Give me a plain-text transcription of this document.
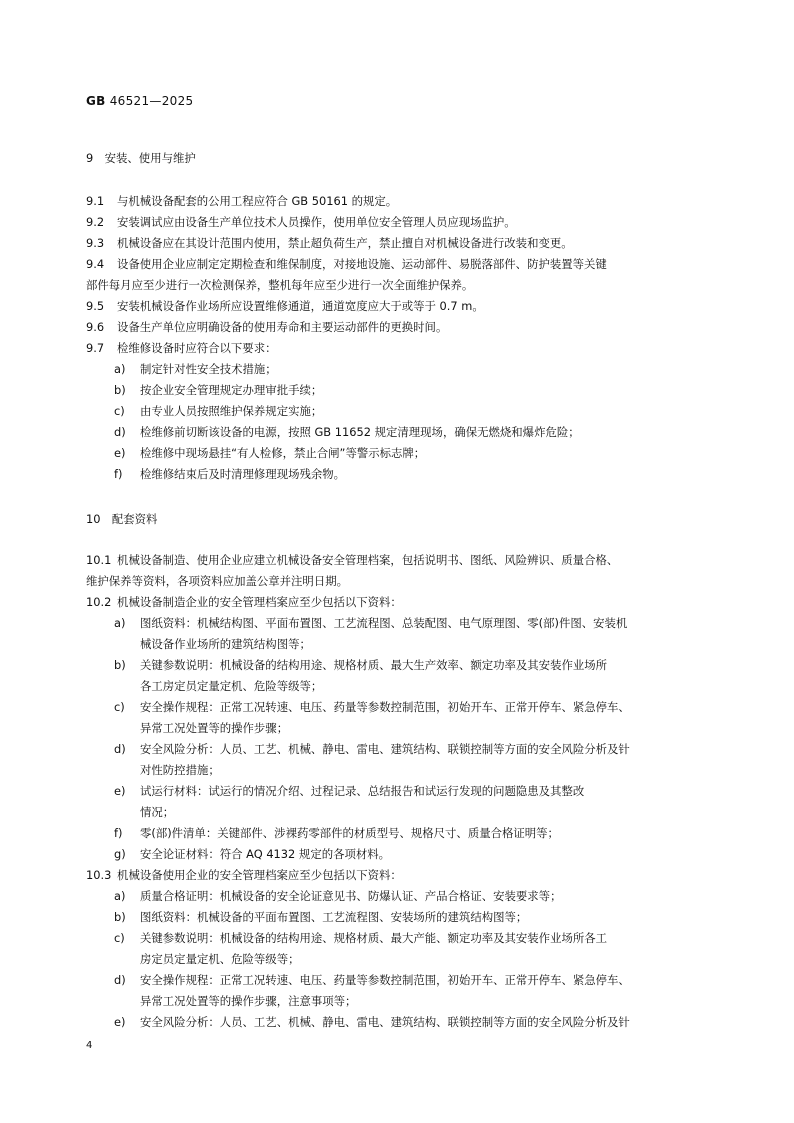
GB 46521—2025
9 安装、使用与维护
9.1 与机械设备配套的公用工程应符合 GB 50161 的规定。
9.2 安装调试应由设备生产单位技术人员操作，使用单位安全管理人员应现场监护。
9.3 机械设备应在其设计范围内使用，禁止超负荷生产，禁止擅自对机械设备进行改装和变更。
9.4 设备使用企业应制定定期检查和维保制度，对接地设施、运动部件、易脱落部件、防护装置等关键
部件每月应至少进行一次检测保养，整机每年应至少进行一次全面维护保养。
9.5 安装机械设备作业场所应设置维修通道，通道宽度应大于或等于 0.7 m。
9.6 设备生产单位应明确设备的使用寿命和主要运动部件的更换时间。
9.7 检维修设备时应符合以下要求：
a) 制定针对性安全技术措施；
b) 按企业安全管理规定办理审批手续；
c) 由专业人员按照维护保养规定实施；
d) 检维修前切断该设备的电源，按照 GB 11652 规定清理现场，确保无燃烧和爆炸危险；
e) 检维修中现场悬挂“有人检修，禁止合闸”等警示标志牌；
f) 检维修结束后及时清理修理现场残余物。
10 配套资料
10.1 机械设备制造、使用企业应建立机械设备安全管理档案，包括说明书、图纸、风险辨识、质量合格、
维护保养等资料，各项资料应加盖公章并注明日期。
10.2 机械设备制造企业的安全管理档案应至少包括以下资料：
a) 图纸资料：机械结构图、平面布置图、工艺流程图、总装配图、电气原理图、零(部)件图、安装机
械设备作业场所的建筑结构图等；
b) 关键参数说明：机械设备的结构用途、规格材质、最大生产效率、额定功率及其安装作业场所
各工房定员定量定机、危险等级等；
c) 安全操作规程：正常工况转速、电压、药量等参数控制范围，初始开车、正常开停车、紧急停车、
异常工况处置等的操作步骤；
d) 安全风险分析：人员、工艺、机械、静电、雷电、建筑结构、联锁控制等方面的安全风险分析及针
对性防控措施；
e) 试运行材料：试运行的情况介绍、过程记录、总结报告和试运行发现的问题隐患及其整改
情况；
f) 零(部)件清单：关键部件、涉裸药零部件的材质型号、规格尺寸、质量合格证明等；
g) 安全论证材料：符合 AQ 4132 规定的各项材料。
10.3 机械设备使用企业的安全管理档案应至少包括以下资料：
a) 质量合格证明：机械设备的安全论证意见书、防爆认证、产品合格证、安装要求等；
b) 图纸资料：机械设备的平面布置图、工艺流程图、安装场所的建筑结构图等；
c) 关键参数说明：机械设备的结构用途、规格材质、最大产能、额定功率及其安装作业场所各工
房定员定量定机、危险等级等；
d) 安全操作规程：正常工况转速、电压、药量等参数控制范围，初始开车、正常开停车、紧急停车、
异常工况处置等的操作步骤，注意事项等；
e) 安全风险分析：人员、工艺、机械、静电、雷电、建筑结构、联锁控制等方面的安全风险分析及针
4
